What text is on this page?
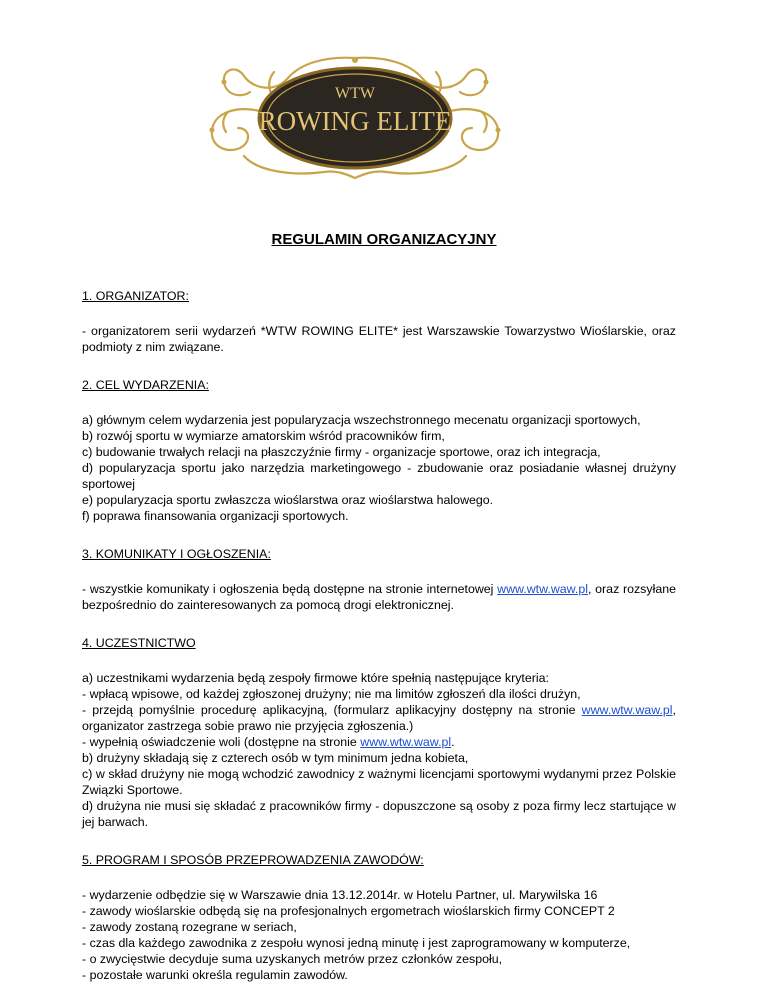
WTW
ROWING ELITE
REGULAMIN ORGANIZACYJNY

1. ORGANIZATOR:

- organizatorem serii wydarzeń *WTW ROWING ELITE* jest Warszawskie Towarzystwo Wioślarskie, oraz podmioty z nim związane.

2. CEL WYDARZENIA:

a) głównym celem wydarzenia jest popularyzacja wszechstronnego mecenatu organizacji sportowych,

b) rozwój sportu w wymiarze amatorskim wśród pracowników firm,

c) budowanie trwałych relacji na płaszczyźnie firmy - organizacje sportowe, oraz ich integracja,

d) popularyzacja sportu jako narzędzia marketingowego - zbudowanie oraz posiadanie własnej drużyny sportowej

e) popularyzacja sportu zwłaszcza wioślarstwa oraz wioślarstwa halowego.

f) poprawa finansowania organizacji sportowych.

3. KOMUNIKATY I OGŁOSZENIA:

- wszystkie komunikaty i ogłoszenia będą dostępne na stronie internetowej www.wtw.waw.pl, oraz rozsyłane bezpośrednio do zainteresowanych za pomocą drogi elektronicznej.

4. UCZESTNICTWO

a) uczestnikami wydarzenia będą zespoły firmowe które spełnią następujące kryteria:

- wpłacą wpisowe, od każdej zgłoszonej drużyny; nie ma limitów zgłoszeń dla ilości drużyn,

- przejdą pomyślnie procedurę aplikacyjną, (formularz aplikacyjny dostępny na stronie www.wtw.waw.pl, organizator zastrzega sobie prawo nie przyjęcia zgłoszenia.)

- wypełnią oświadczenie woli (dostępne na stronie www.wtw.waw.pl.

b) drużyny składają się z czterech osób w tym minimum jedna kobieta,

c) w skład drużyny nie mogą wchodzić zawodnicy z ważnymi licencjami sportowymi wydanymi przez Polskie Związki Sportowe.

d) drużyna nie musi się składać z pracowników firmy - dopuszczone są osoby z poza firmy lecz startujące w jej barwach.

5. PROGRAM I SPOSÓB PRZEPROWADZENIA ZAWODÓW:

- wydarzenie odbędzie się w Warszawie dnia 13.12.2014r. w Hotelu Partner, ul. Marywilska 16

- zawody wioślarskie odbędą się na profesjonalnych ergometrach wioślarskich firmy CONCEPT 2

- zawody zostaną rozegrane w seriach,

- czas dla każdego zawodnika z zespołu wynosi jedną minutę i jest zaprogramowany w komputerze,

- o zwycięstwie decyduje suma uzyskanych metrów przez członków zespołu,

- pozostałe warunki określa regulamin zawodów.
